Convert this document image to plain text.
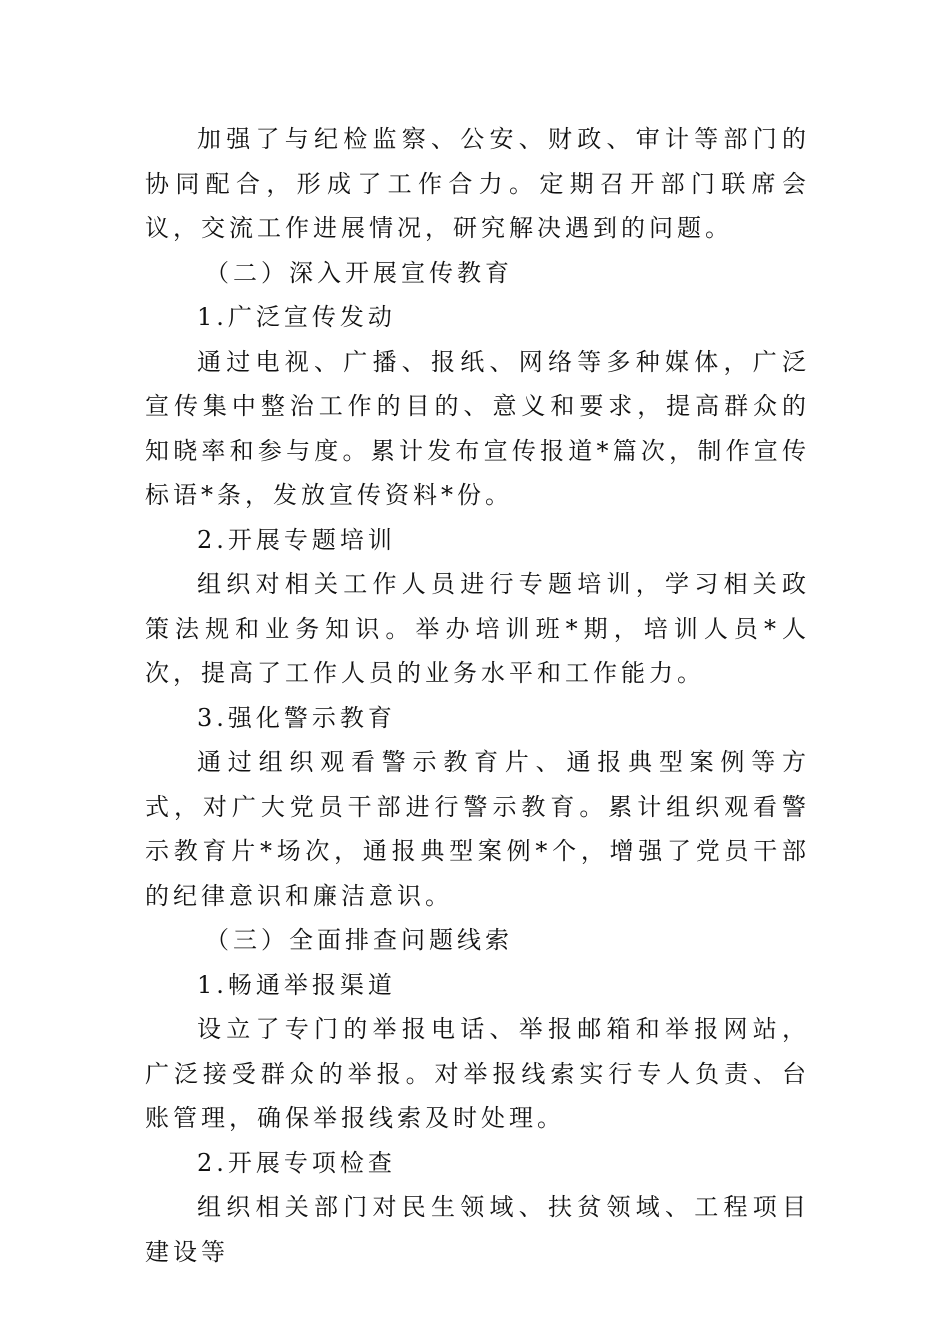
加强了与纪检监察、公安、财政、审计等部门的协同配合，形成了工作合力。定期召开部门联席会议，交流工作进展情况，研究解决遇到的问题。

（二）深入开展宣传教育

1.广泛宣传发动

通过电视、广播、报纸、网络等多种媒体，广泛宣传集中整治工作的目的、意义和要求，提高群众的知晓率和参与度。累计发布宣传报道*篇次，制作宣传标语*条，发放宣传资料*份。

2.开展专题培训

组织对相关工作人员进行专题培训，学习相关政策法规和业务知识。举办培训班*期，培训人员*人次，提高了工作人员的业务水平和工作能力。

3.强化警示教育

通过组织观看警示教育片、通报典型案例等方式，对广大党员干部进行警示教育。累计组织观看警示教育片*场次，通报典型案例*个，增强了党员干部的纪律意识和廉洁意识。

（三）全面排查问题线索

1.畅通举报渠道

设立了专门的举报电话、举报邮箱和举报网站，广泛接受群众的举报。对举报线索实行专人负责、台账管理，确保举报线索及时处理。

2.开展专项检查

组织相关部门对民生领域、扶贫领域、工程项目建设等
